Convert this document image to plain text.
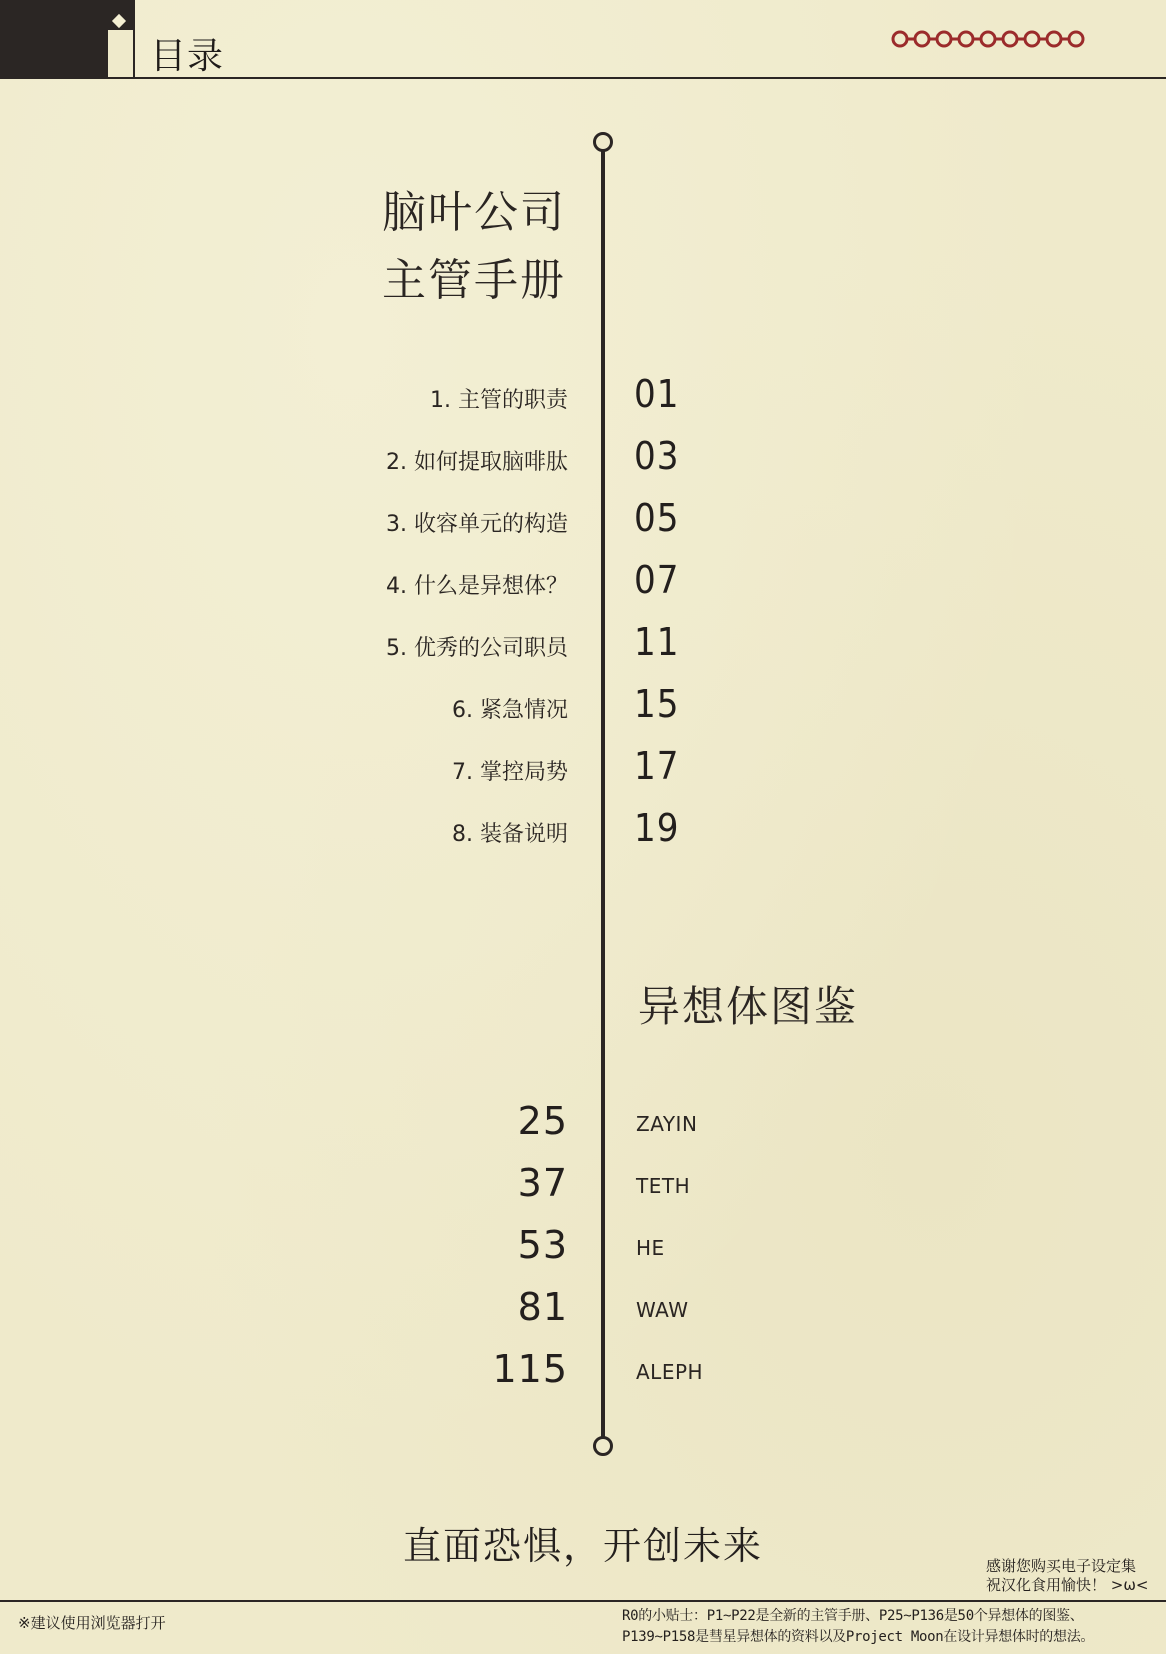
目录
脑叶公司
主管手册
1. 主管的职责 01
2. 如何提取脑啡肽 03
3. 收容单元的构造 05
4. 什么是异想体？ 07
5. 优秀的公司职员 11
6. 紧急情况 15
7. 掌控局势 17
8. 装备说明 19
异想体图鉴
25	ZAYIN
37	TETH
53	HE
81	WAW
115	ALEPH
直面恐惧，开创未来	感谢您购买电子设定集
祝汉化食用愉快！ >ω<
※建议使用浏览器打开	R0的小贴士：P1~P22是全新的主管手册、P25~P136是50个异想体的图鉴、
P139~P158是彗星异想体的资料以及Project Moon在设计异想体时的想法。
